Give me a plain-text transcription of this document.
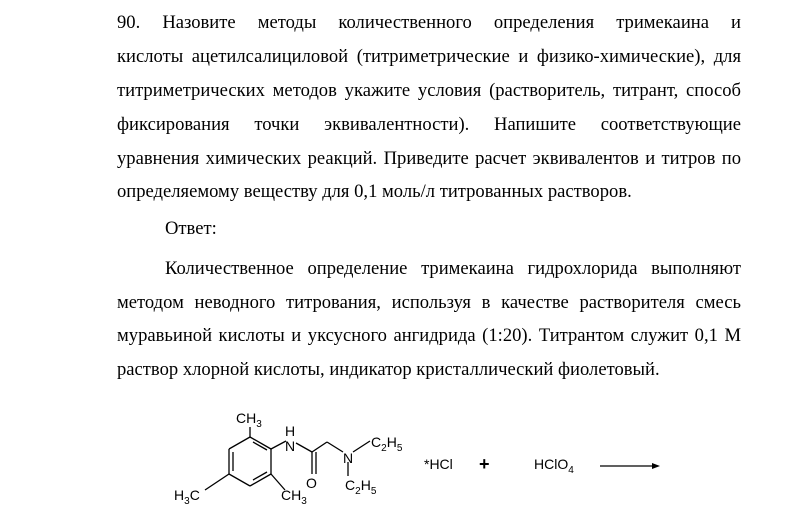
90. Назовите методы количественного определения тримекаина и
кислоты ацетилсалициловой (титриметрические и физико-химические), для
титриметрических методов укажите условия (растворитель, титрант, способ
фиксирования точки эквивалентности). Напишите соответствующие
уравнения химических реакций. Приведите расчет эквивалентов и титров по
определяемому веществу для 0,1 моль/л титрованных растворов.
Ответ:
Количественное определение тримекаина гидрохлорида выполняют
методом неводного титрования, используя в качестве растворителя смесь
муравьиной кислоты и уксусного ангидрида (1:20). Титрантом служит 0,1 М
раствор хлорной кислоты, индикатор кристаллический фиолетовый.
$CH_3$ H
N
N
O
$C_2H_5$
$C_2H_5$
$H_3C$	$CH_3$
*HCl +	HClO$_4$
